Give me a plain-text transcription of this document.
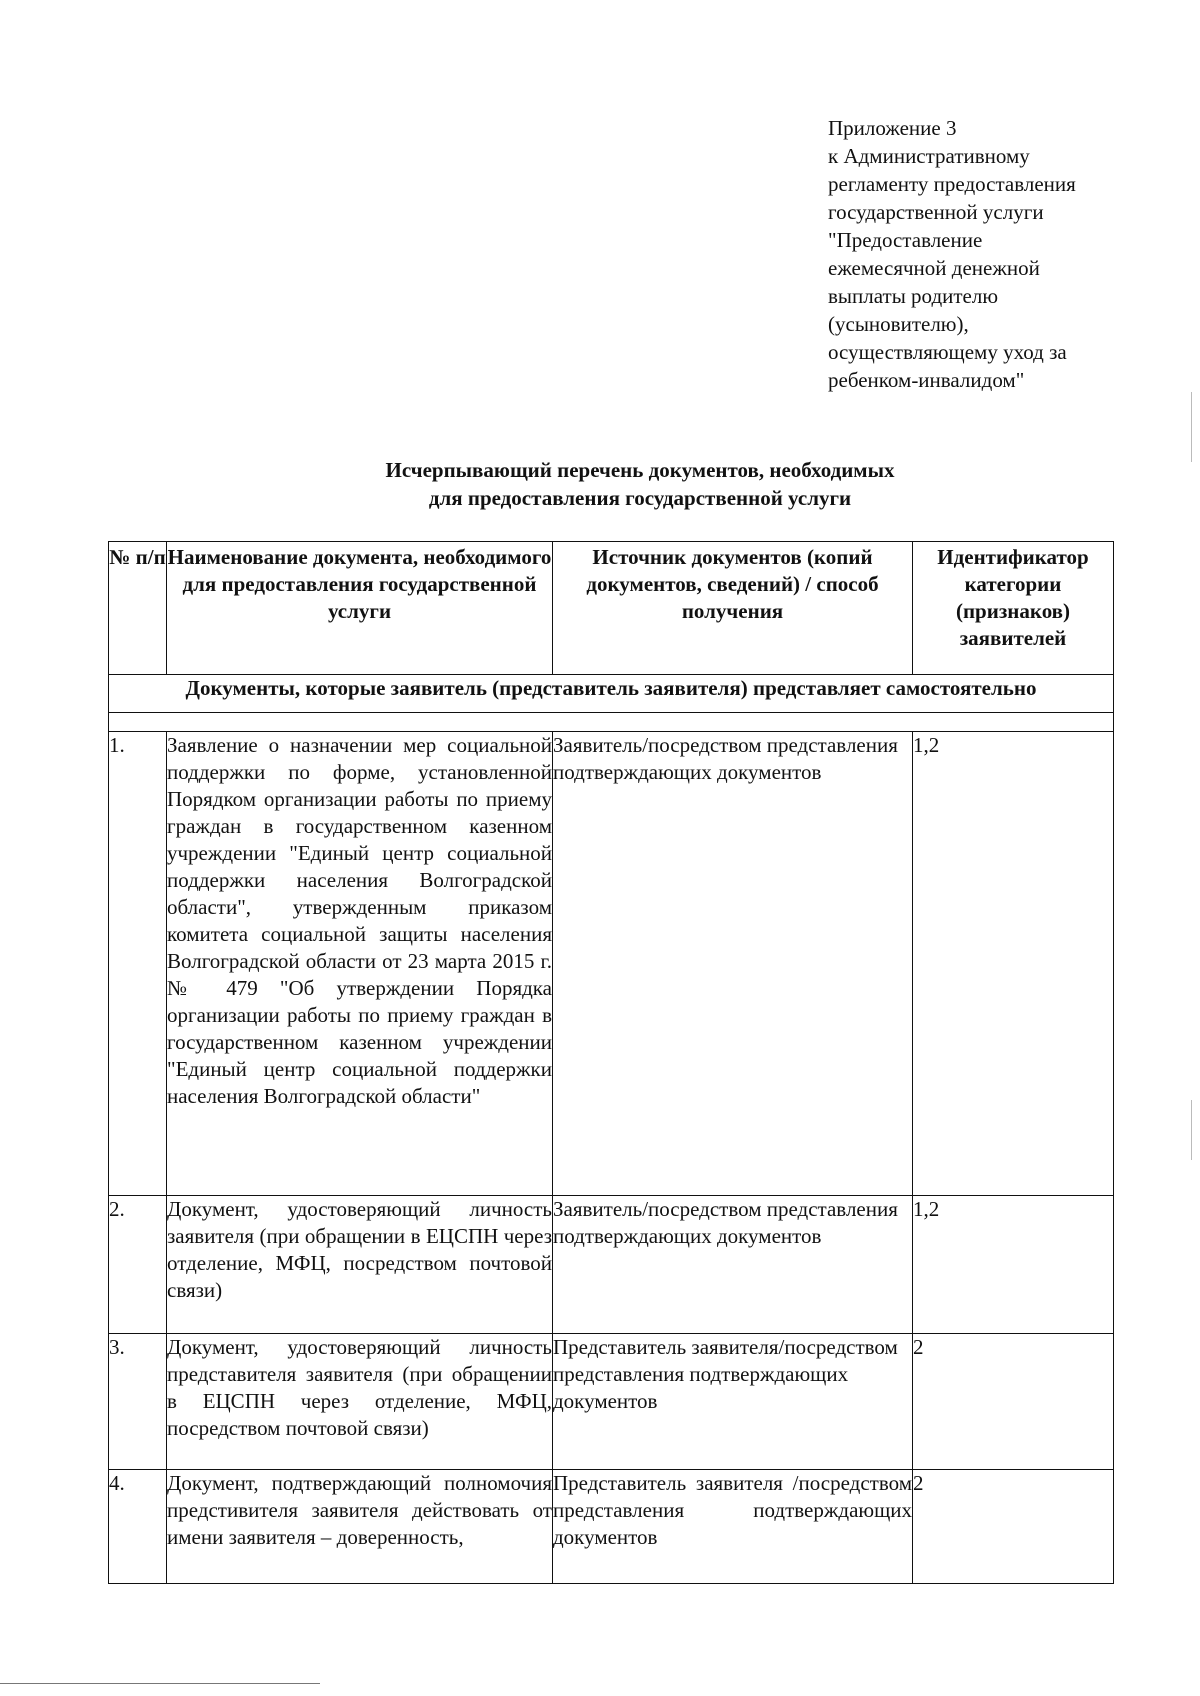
Приложение 3
к Административному
регламенту предоставления
государственной услуги
"Предоставление
ежемесячной денежной
выплаты родителю
(усыновителю),
осуществляющему уход за
ребенком-инвалидом"
Исчерпывающий перечень документов, необходимых
для предоставления государственной услуги
№ п/п	Наименование документа, необходимого для предоставления государственной услуги	Источник документов (копий документов, сведений) / способ получения	Идентификатор категории (признаков) заявителей
Документы, которые заявитель (представитель заявителя) представляет самостоятельно			

1.	Заявление о назначении мер социальной поддержки по форме, установленной Порядком организации работы по приему граждан в государственном казенном учреждении "Единый центр социальной поддержки населения Волгоградской области", утвержденным приказом комитета социальной защиты населения Волгоградской области от 23 марта 2015 г. № 479 "Об утверждении Порядка организации работы по приему граждан в государственном казенном учреждении "Единый центр социальной поддержки населения Волгоградской области"	Заявитель/посредством представления подтверждающих документов	1,2
2.	Документ, удостоверяющий личность заявителя (при обращении в ЕЦСПН через отделение, МФЦ, посредством почтовой связи)	Заявитель/посредством представления подтверждающих документов	1,2
3.	Документ, удостоверяющий личность представителя заявителя (при обращении в ЕЦСПН через отделение, МФЦ, посредством почтовой связи)	Представитель заявителя/посредством представления подтверждающих документов	2
4.	Документ, подтверждающий полномочия предстивителя заявителя действовать от имени заявителя – доверенность,	Представитель заявителя /посредством представления подтверждающих документов	2
